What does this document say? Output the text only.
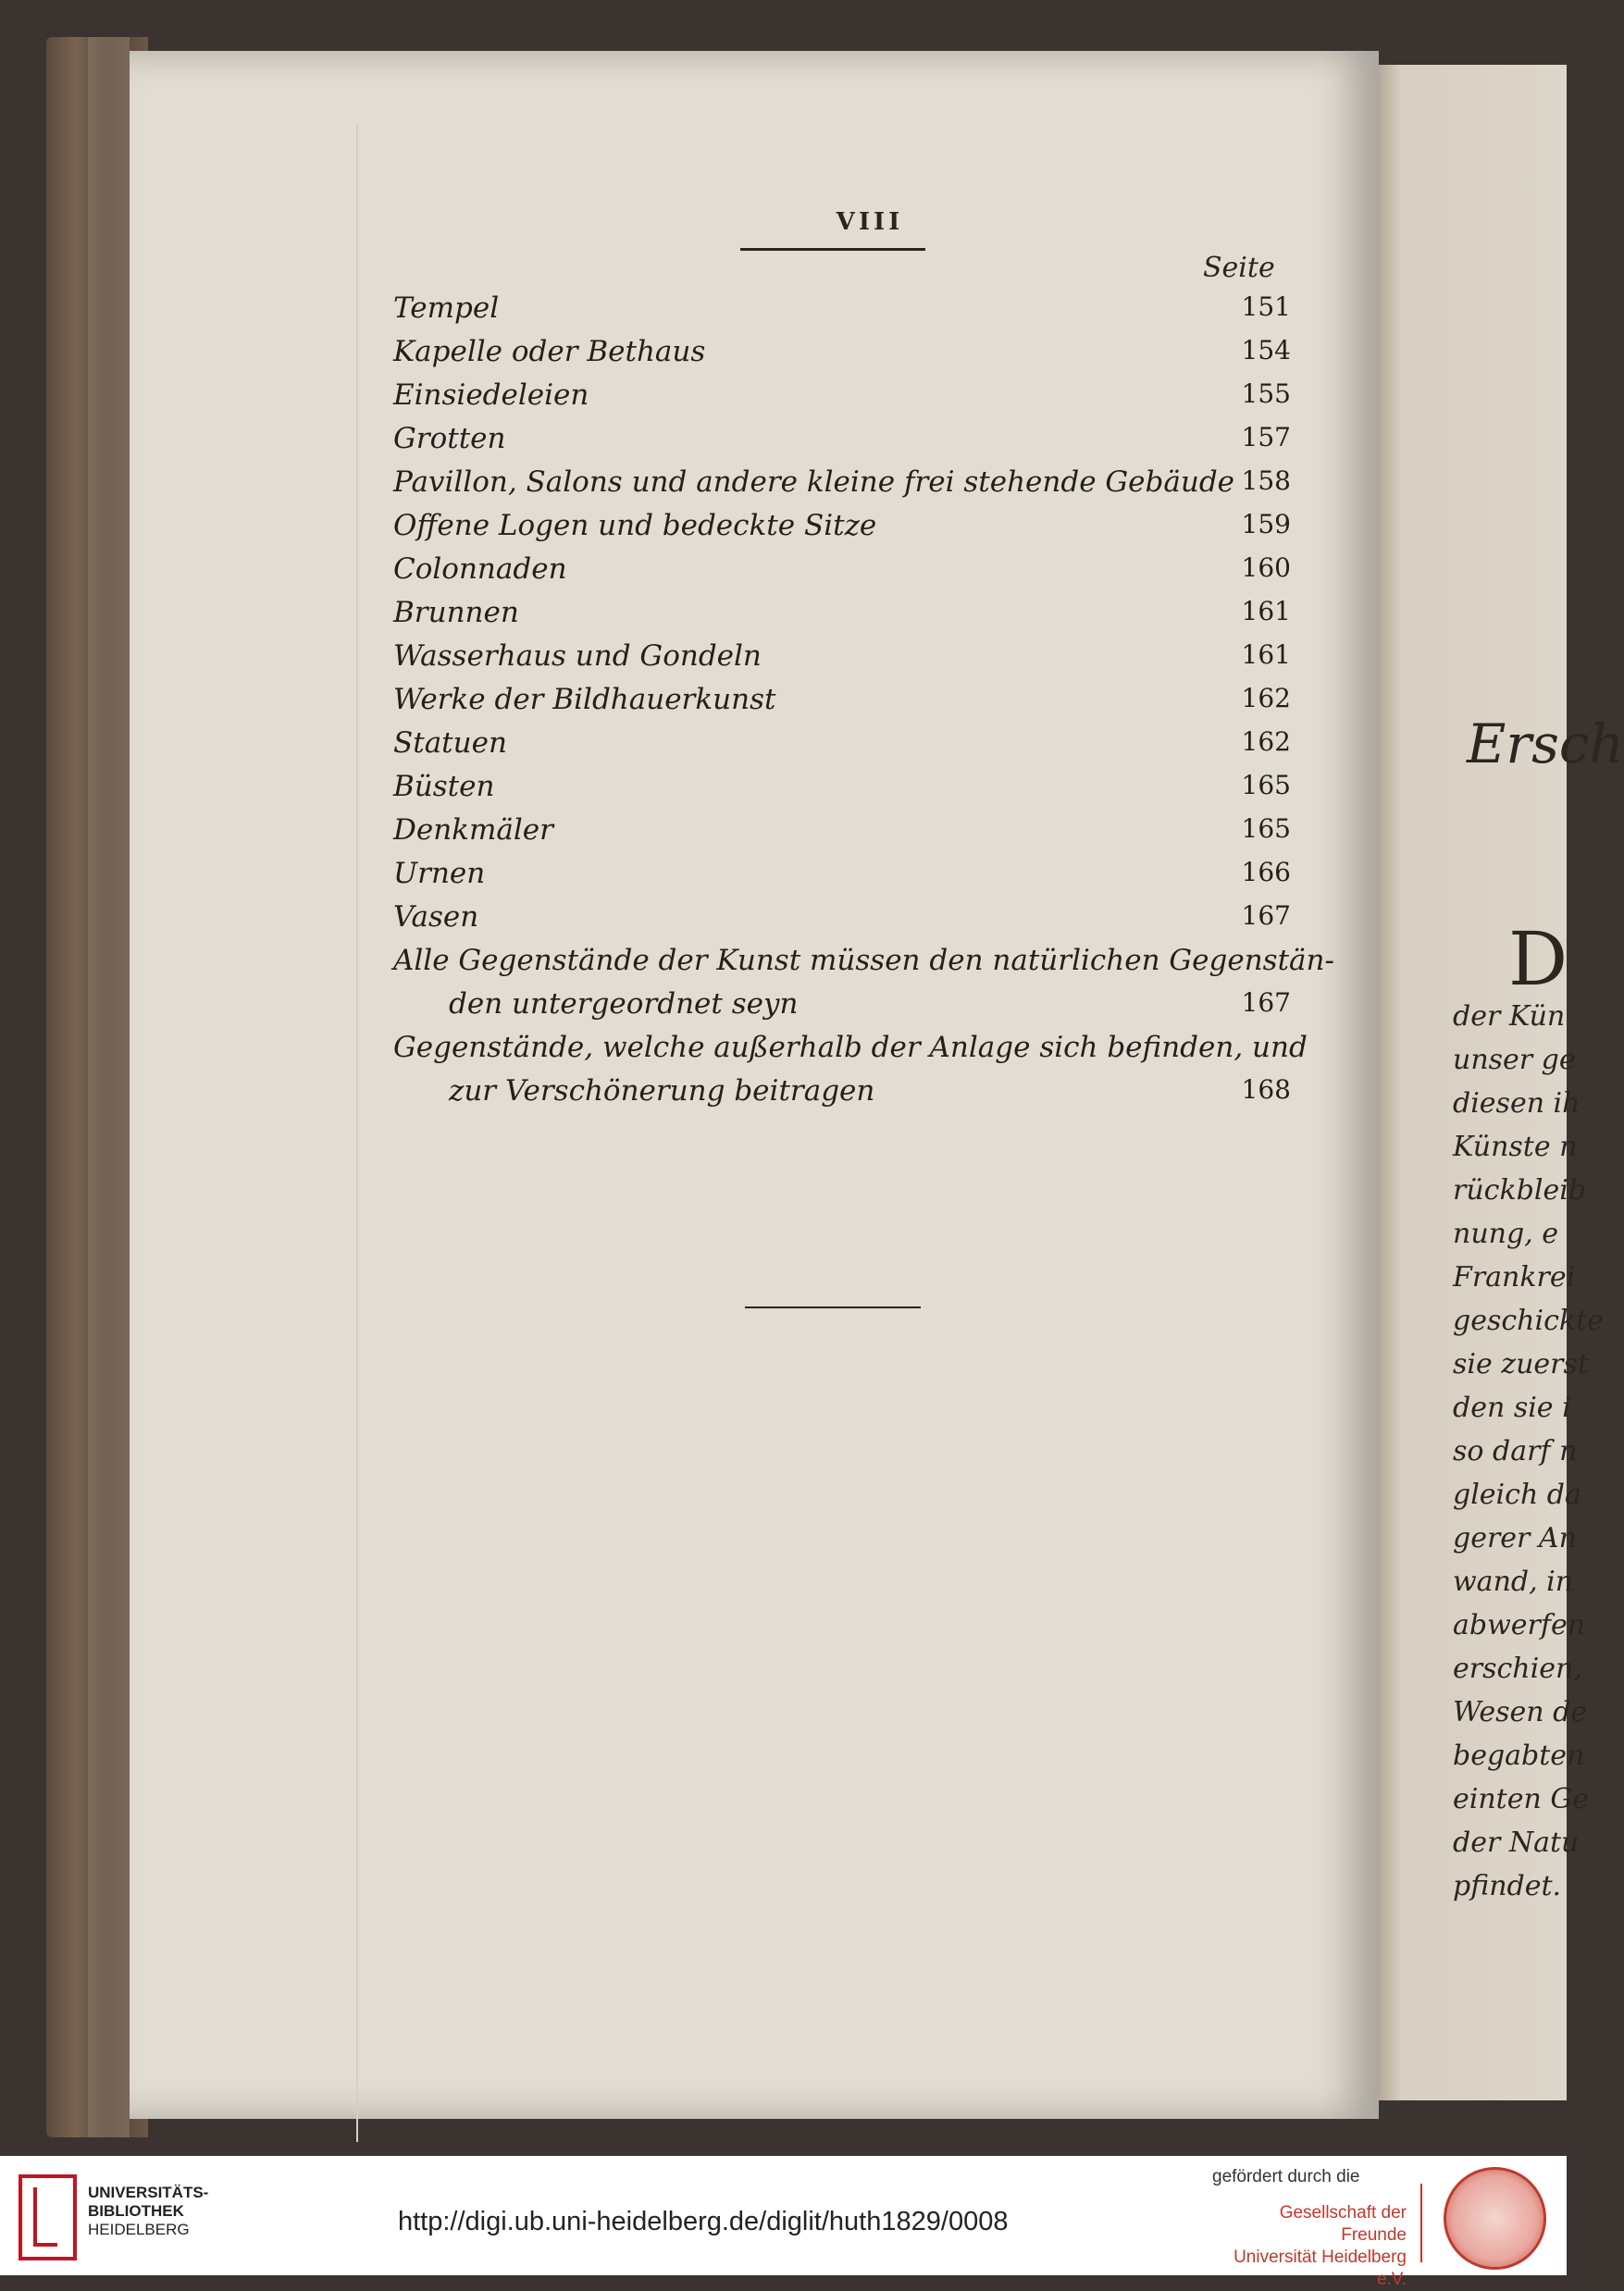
Ersch
D
der Kün
unser ge
diesen ih
Künste n
rückbleib
nung, e
Frankrei
geschickte
sie zuerst
den sie i
so darf n
gleich da
gerer An
wand, in
abwerfen
erschien,
Wesen de
begabten
einten Ge
der Natu
pfindet.
VIII
Seite
Tempel	151
Kapelle oder Bethaus	154
Einsiedeleien	155
Grotten	157
Pavillon, Salons und andere kleine frei stehende Gebäude 158
Offene Logen und bedeckte Sitze	159
Colonnaden	160
Brunnen	161
Wasserhaus und Gondeln	161
Werke der Bildhauerkunst	162
Statuen	162
Büsten	165
Denkmäler	165
Urnen	166
Vasen	167
Alle Gegenstände der Kunst müssen den natürlichen Gegenstän-
den untergeordnet seyn	167
Gegenstände, welche außerhalb der Anlage sich befinden, und
zur Verschönerung beitragen	168
UNIVERSITÄTS-
BIBLIOTHEK
HEIDELBERG	http://digi.ub.uni-heidelberg.de/diglit/huth1829/0008
gefördert durch die
Gesellschaft der Freunde
Universität Heidelberg e.V.
